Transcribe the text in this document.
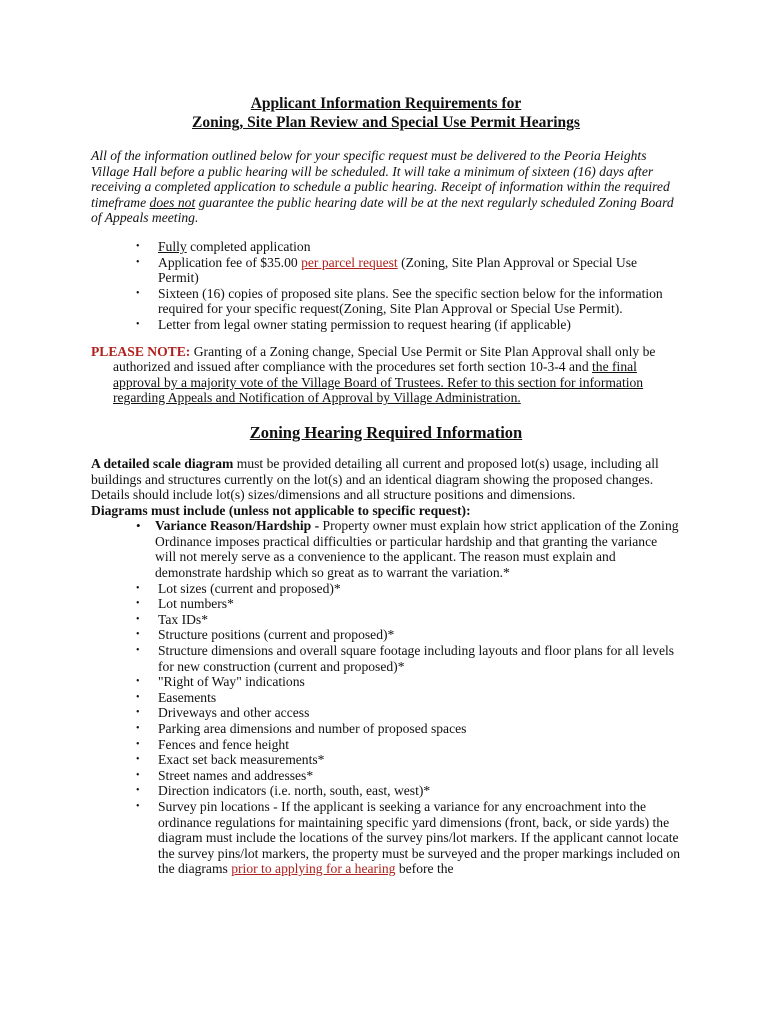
Applicant Information Requirements for
Zoning, Site Plan Review and Special Use Permit Hearings
All of the information outlined below for your specific request must be delivered to the Peoria Heights Village Hall before a public hearing will be scheduled. It will take a minimum of sixteen (16) days after receiving a completed application to schedule a public hearing. Receipt of information within the required timeframe does not guarantee the public hearing date will be at the next regularly scheduled Zoning Board of Appeals meeting.
• Fully completed application
• Application fee of $35.00 per parcel request (Zoning, Site Plan Approval or Special Use Permit)
• Sixteen (16) copies of proposed site plans. See the specific section below for the information required for your specific request(Zoning, Site Plan Approval or Special Use Permit).
• Letter from legal owner stating permission to request hearing (if applicable)
PLEASE NOTE: Granting of a Zoning change, Special Use Permit or Site Plan Approval shall only be authorized and issued after compliance with the procedures set forth section 10-3-4 and the final approval by a majority vote of the Village Board of Trustees. Refer to this section for information regarding Appeals and Notification of Approval by Village Administration.
Zoning Hearing Required Information
A detailed scale diagram must be provided detailing all current and proposed lot(s) usage, including all buildings and structures currently on the lot(s) and an identical diagram showing the proposed changes. Details should include lot(s) sizes/dimensions and all structure positions and dimensions.
Diagrams must include (unless not applicable to specific request):
• Variance Reason/Hardship - Property owner must explain how strict application of the Zoning Ordinance imposes practical difficulties or particular hardship and that granting the variance will not merely serve as a convenience to the applicant. The reason must explain and demonstrate hardship which so great as to warrant the variation.*
• Lot sizes (current and proposed)*
• Lot numbers*
• Tax IDs*
• Structure positions (current and proposed)*
• Structure dimensions and overall square footage including layouts and floor plans for all levels for new construction (current and proposed)*
• "Right of Way" indications
• Easements
• Driveways and other access
• Parking area dimensions and number of proposed spaces
• Fences and fence height
• Exact set back measurements*
• Street names and addresses*
• Direction indicators (i.e. north, south, east, west)*
• Survey pin locations - If the applicant is seeking a variance for any encroachment into the ordinance regulations for maintaining specific yard dimensions (front, back, or side yards) the diagram must include the locations of the survey pins/lot markers. If the applicant cannot locate the survey pins/lot markers, the property must be surveyed and the proper markings included on the diagrams prior to applying for a hearing before the
